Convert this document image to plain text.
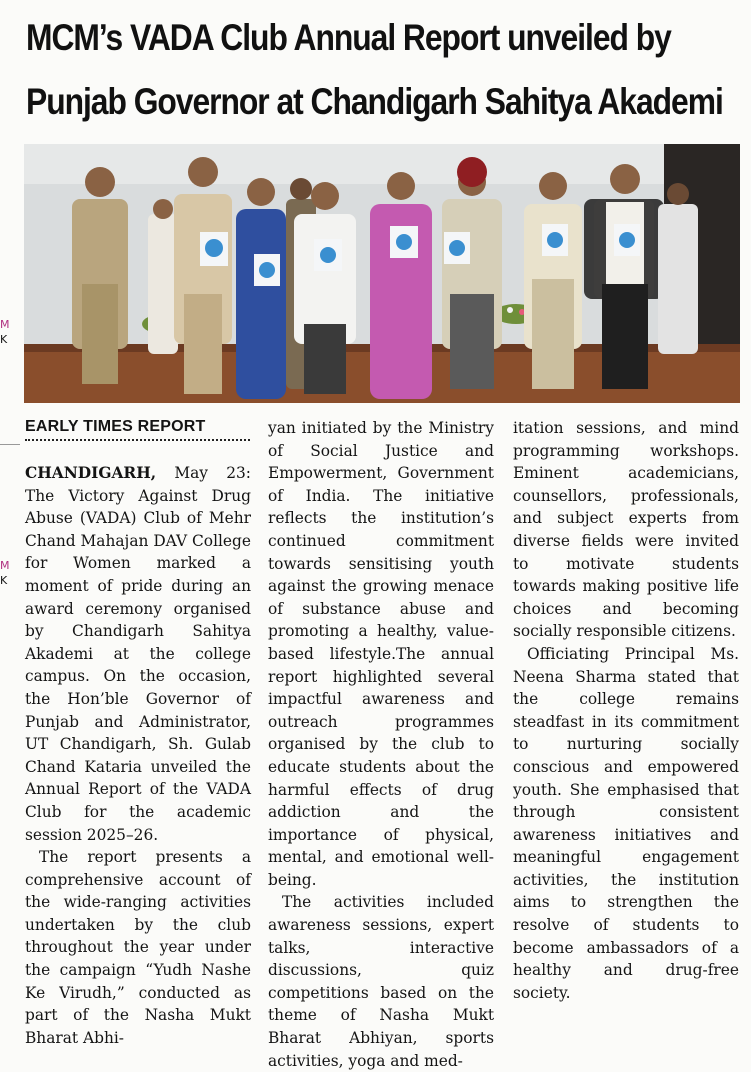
MCM’s VADA Club Annual Report unveiled by Punjab Governor at Chandigarh Sahitya Akademi
M
K
M
K
EARLY TIMES REPORT

CHANDIGARH, May 23: The Victory Against Drug Abuse (VADA) Club of Mehr Chand Mahajan DAV College for Women marked a moment of pride during an award ceremony organised by Chandigarh Sahitya Akademi at the college campus. On the occasion, the Hon’ble Governor of Punjab and Administrator, UT Chandigarh, Sh. Gulab Chand Kataria unveiled the Annual Report of the VADA Club for the academic session 2025–26.

The report presents a comprehensive account of the wide-ranging activities undertaken by the club throughout the year under the campaign “Yudh Nashe Ke Virudh,” conducted as part of the Nasha Mukt Bharat Abhi-

yan initiated by the Ministry of Social Justice and Empowerment, Government of India. The initiative reflects the institution’s continued commitment towards sensitising youth against the growing menace of substance abuse and promoting a healthy, value-based lifestyle.The annual report highlighted several impactful awareness and outreach programmes organised by the club to educate students about the harmful effects of drug addiction and the importance of physical, mental, and emotional well-being.

The activities included awareness sessions, expert talks, interactive discussions, quiz competitions based on the theme of Nasha Mukt Bharat Abhiyan, sports activities, yoga and med-

itation sessions, and mind programming workshops. Eminent academicians, counsellors, professionals, and subject experts from diverse fields were invited to motivate students towards making positive life choices and becoming socially responsible citizens.

Officiating Principal Ms. Neena Sharma stated that the college remains steadfast in its commitment to nurturing socially conscious and empowered youth. She emphasised that through consistent awareness initiatives and meaningful engagement activities, the institution aims to strengthen the resolve of students to become ambassadors of a healthy and drug-free society.
